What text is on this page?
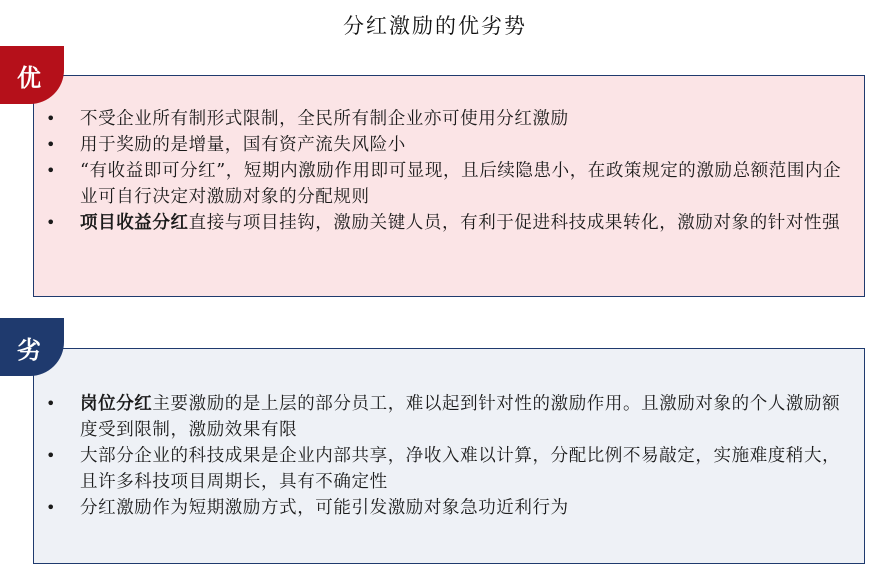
分红激励的优劣势
• 不受企业所有制形式限制，全民所有制企业亦可使用分红激励
• 用于奖励的是增量，国有资产流失风险小
• “有收益即可分红”，短期内激励作用即可显现，且后续隐患小，在政策规定的激励总额范围内企业可自行决定对激励对象的分配规则
• 项目收益分红直接与项目挂钩，激励关键人员，有利于促进科技成果转化，激励对象的针对性强
优
• 岗位分红主要激励的是上层的部分员工，难以起到针对性的激励作用。且激励对象的个人激励额度受到限制，激励效果有限
• 大部分企业的科技成果是企业内部共享，净收入难以计算，分配比例不易敲定，实施难度稍大，且许多科技项目周期长，具有不确定性
• 分红激励作为短期激励方式，可能引发激励对象急功近利行为
劣
